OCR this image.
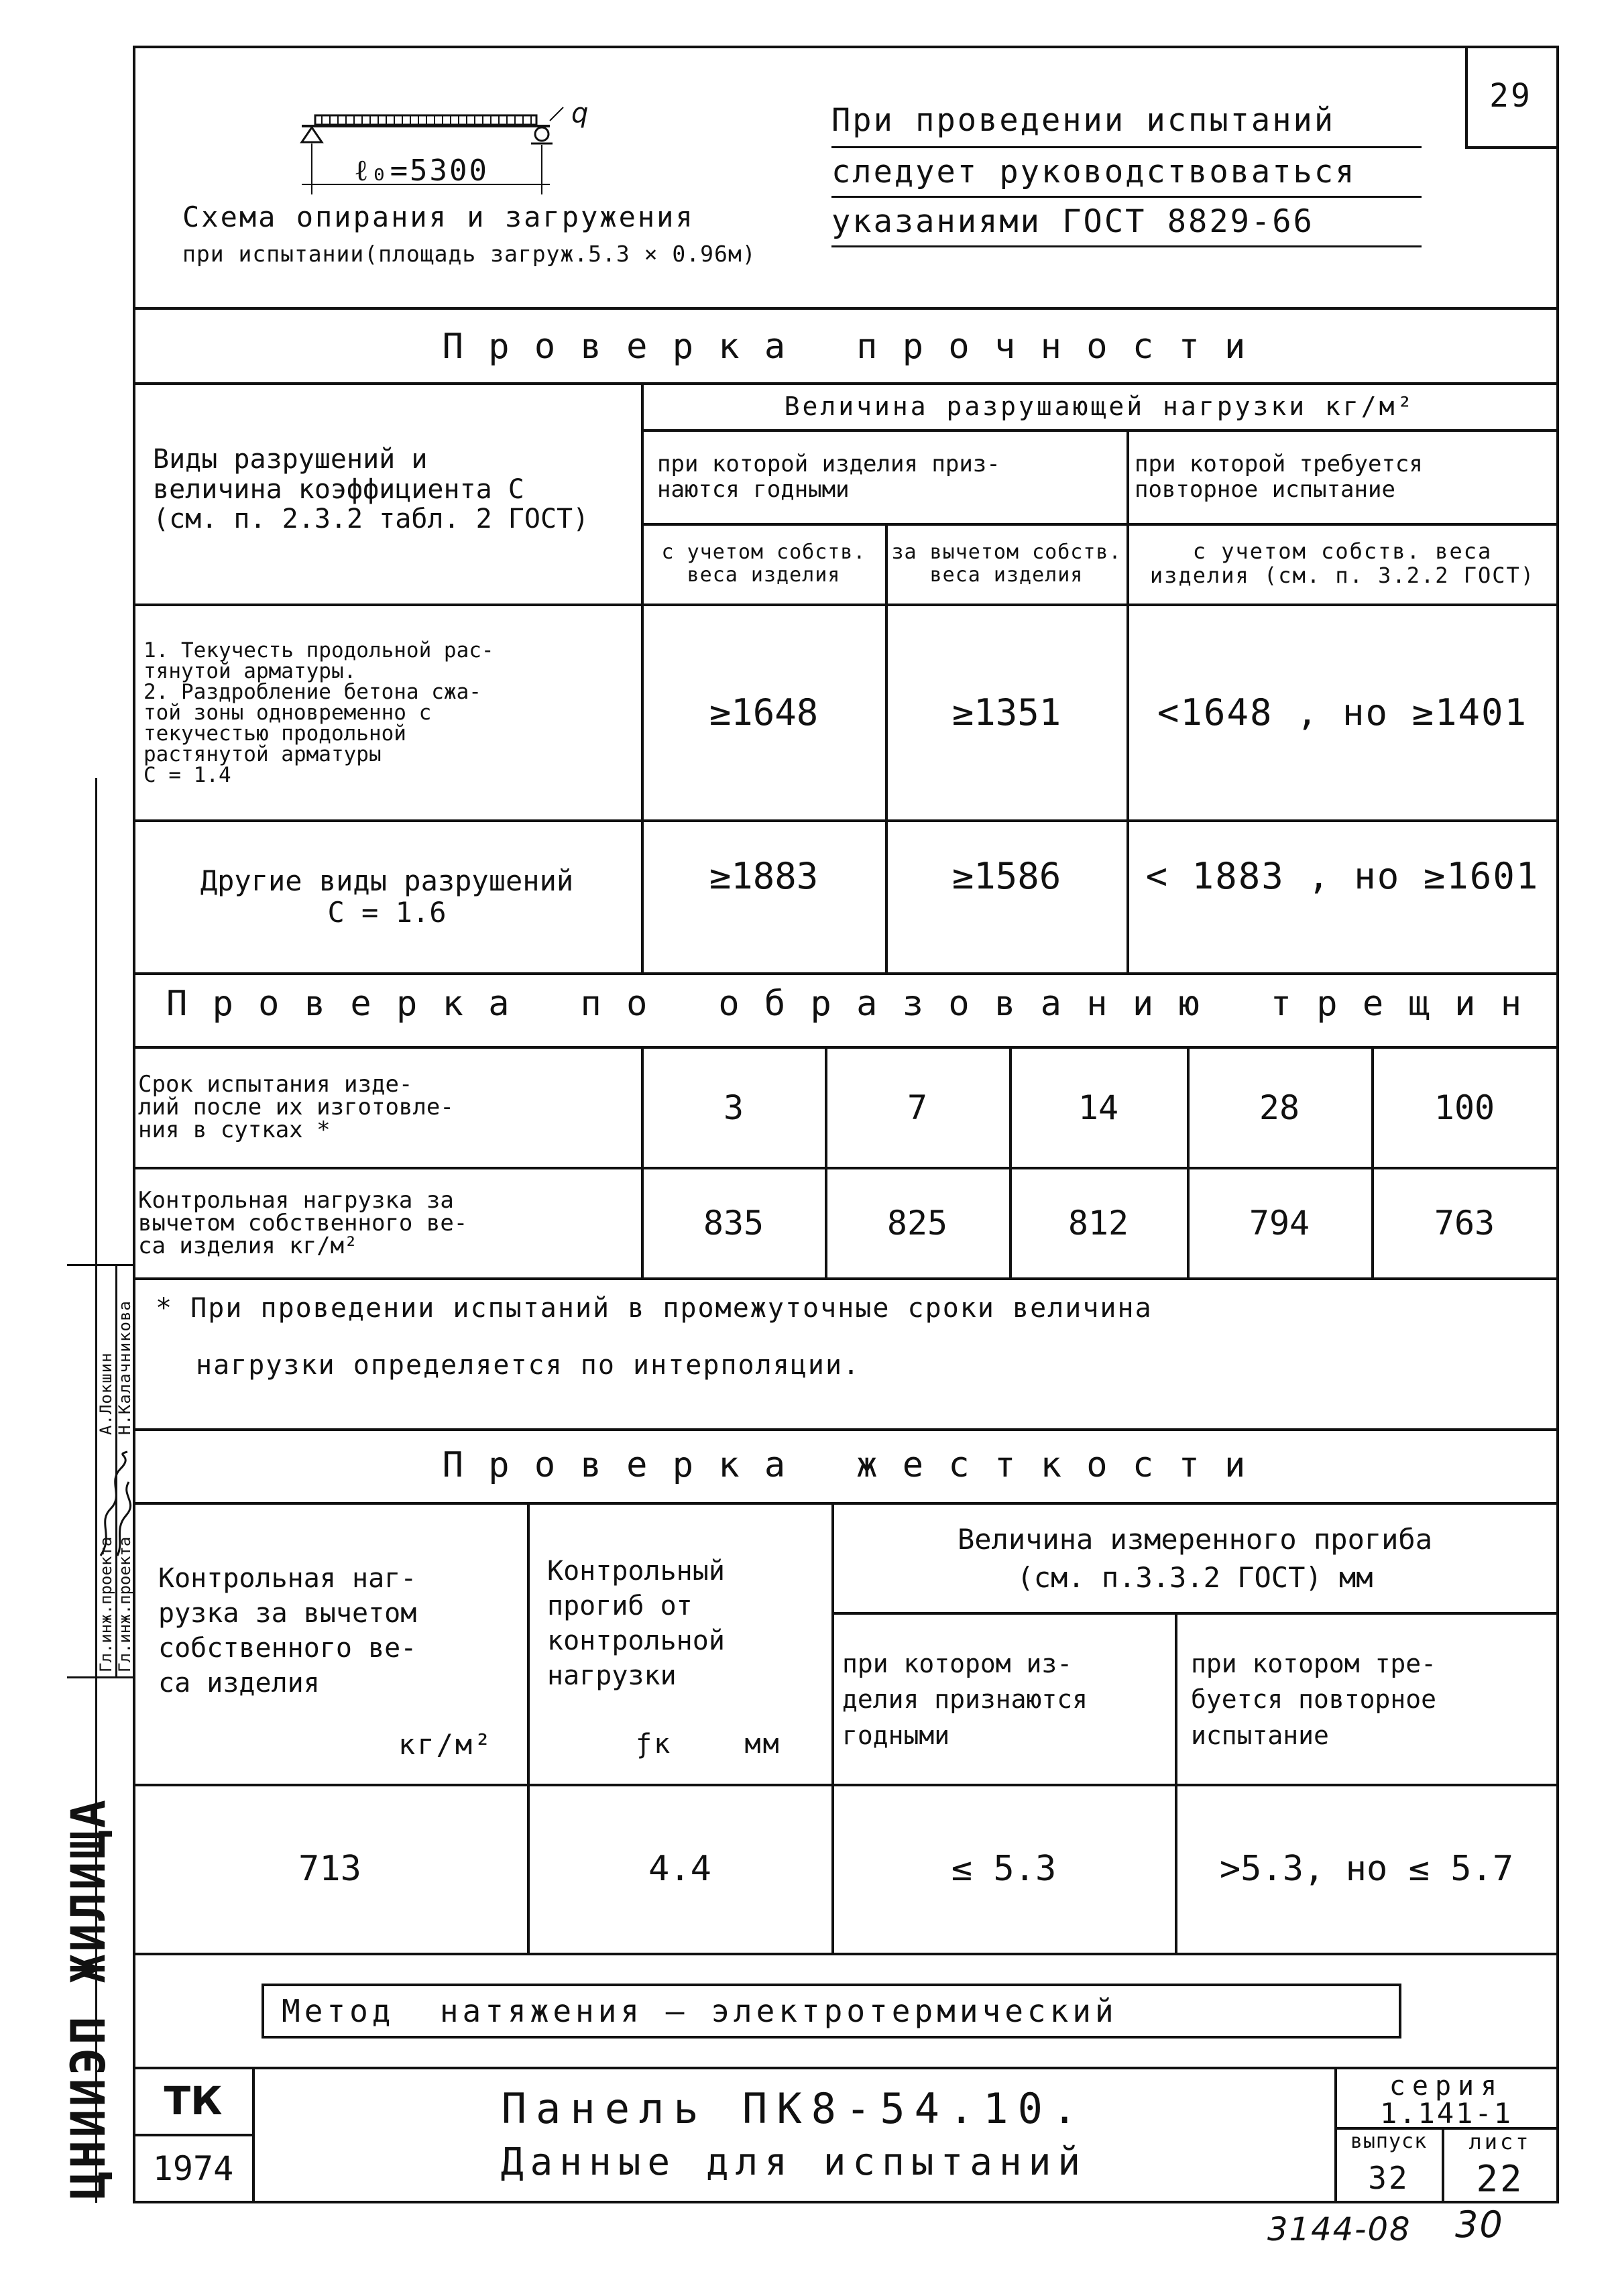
29
q
ℓ₀=5300
Схема опирания и загружения
при испытании(площадь загруж.5.3 × 0.96м)
При проведении испытаний
следует руководствоваться
указаниями ГОСТ 8829-66
П р о в е р к а   п р о ч н о с т и
Виды разрушений и
величина коэффициента С
(см. п. 2.3.2 табл. 2 ГОСТ)
Величина разрушающей нагрузки кг/м²
при которой изделия приз-
наются годными
при которой требуется
повторное испытание
с учетом собств.
веса изделия
за вычетом собств.
веса изделия
с учетом собств. веса
изделия (см. п. 3.2.2 ГОСТ)
1. Текучесть продольной рас-
тянутой арматуры.
2. Раздробление бетона сжа-
той зоны одновременно с
текучестью продольной
растянутой арматуры
С = 1.4
≥1648	≥1351	<1648 , но ≥1401
Другие виды разрушений
С = 1.6
≥1883	≥1586	< 1883 , но ≥1601
П р о в е р к а   п о   о б р а з о в а н и ю   т р е щ и н
Срок испытания изде-
лий после их изготовле-
ния в сутках *
3	7	14	28	100
Контрольная нагрузка за
вычетом собственного ве-
са изделия кг/м²
835	825	812	794	763
* При проведении испытаний в промежуточные сроки величина
нагрузки определяется по интерполяции.
П р о в е р к а   ж е с т к о с т и
Контрольная наг-
рузка за вычетом
собственного ве-
са изделия
кг/м²
Контрольный
прогиб от
контрольной
нагрузки
ƒк    мм
Величина измеренного прогиба
(см. п.3.3.2 ГОСТ) мм
при котором из-
делия признаются
годными
при котором тре-
буется повторное
испытание
713	4.4	≤ 5.3	>5.3, но ≤ 5.7
Метод  натяжения — электротермический
ТК
1974
Панель ПК8-54.10.
Данные для испытаний
серия
1.141-1
выпуск
32
лист
22
ЦНИИЭП ЖИЛИЩА
Гл.инж.проекта Гл.инж.проекта
А.Локшин Н.Калачникова
3144-08 30
